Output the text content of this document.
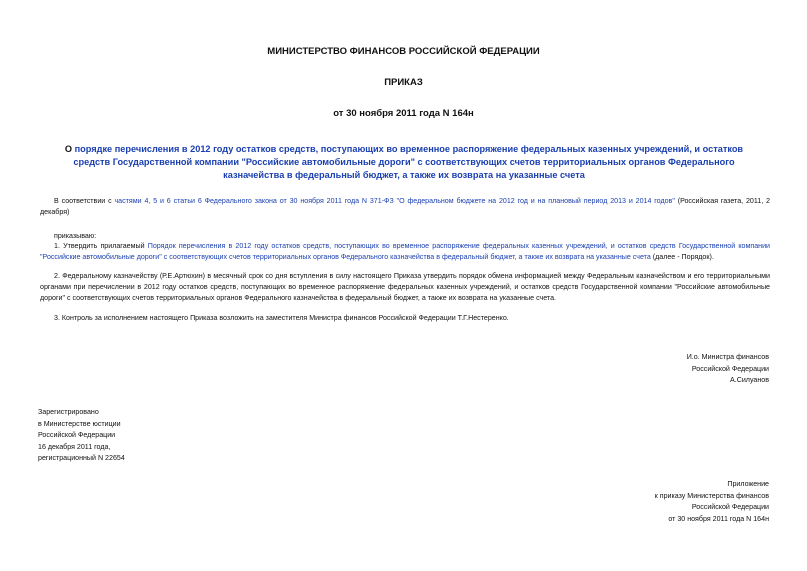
МИНИСТЕРСТВО ФИНАНСОВ РОССИЙСКОЙ ФЕДЕРАЦИИ
ПРИКАЗ
от 30 ноября 2011 года N 164н
О порядке перечисления в 2012 году остатков средств, поступающих во временное распоряжение федеральных казенных учреждений, и остатков средств Государственной компании "Российские автомобильные дороги" с соответствующих счетов территориальных органов Федерального казначейства в федеральный бюджет, а также их возврата на указанные счета
В соответствии с частями 4, 5 и 6 статьи 6 Федерального закона от 30 ноября 2011 года N 371-ФЗ "О федеральном бюджете на 2012 год и на плановый период 2013 и 2014 годов" (Российская газета, 2011, 2 декабря)
приказываю:
1. Утвердить прилагаемый Порядок перечисления в 2012 году остатков средств, поступающих во временное распоряжение федеральных казенных учреждений, и остатков средств Государственной компании "Российские автомобильные дороги" с соответствующих счетов территориальных органов Федерального казначейства в федеральный бюджет, а также их возврата на указанные счета (далее - Порядок).
2. Федеральному казначейству (Р.Е.Артюхин) в месячный срок со дня вступления в силу настоящего Приказа утвердить порядок обмена информацией между Федеральным казначейством и его территориальными органами при перечислении в 2012 году остатков средств, поступающих во временное распоряжение федеральных казенных учреждений, и остатков средств Государственной компании "Российские автомобильные дороги" с соответствующих счетов территориальных органов Федерального казначейства в федеральный бюджет, а также их возврата на указанные счета.
3. Контроль за исполнением настоящего Приказа возложить на заместителя Министра финансов Российской Федерации Т.Г.Нестеренко.
И.о. Министра финансов
Российской Федерации
А.Силуанов
Зарегистрировано
в Министерстве юстиции
Российской Федерации
16 декабря 2011 года,
регистрационный N 22654
Приложение
к приказу Министерства финансов
Российской Федерации
от 30 ноября 2011 года N 164н
